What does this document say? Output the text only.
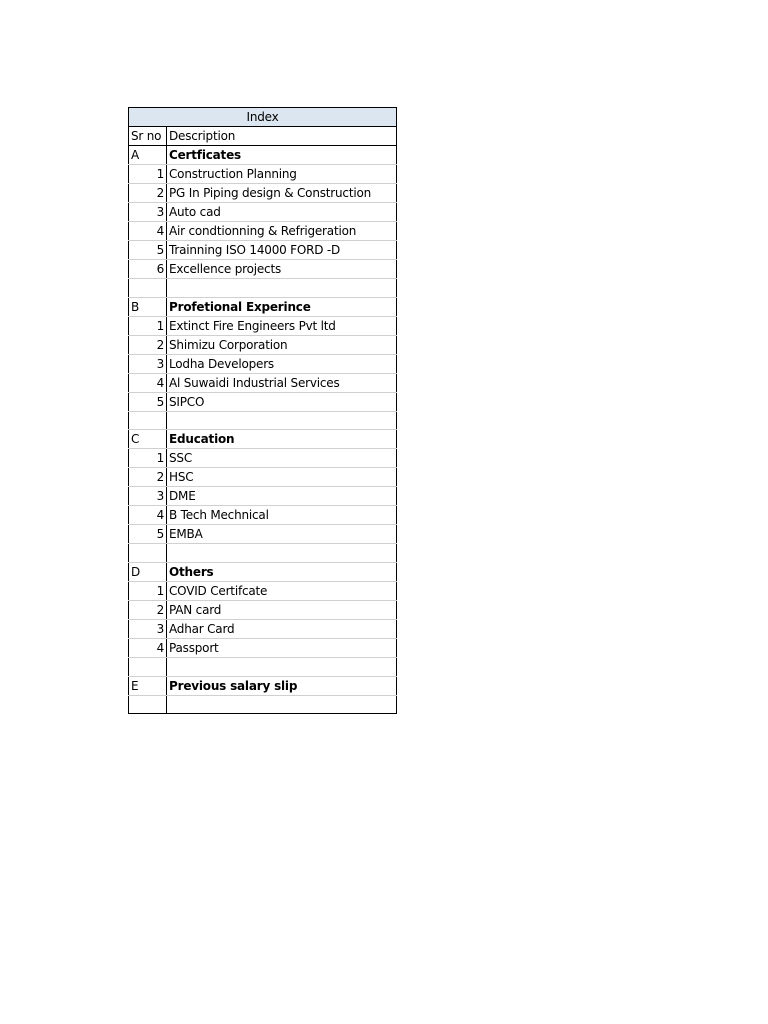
Index	
Sr no	Description
A	Certficates
1	Construction Planning
2	PG In Piping design & Construction
3	Auto cad
4	Air condtionning & Refrigeration
5	Trainning ISO 14000 FORD -D
6	Excellence projects

B	Profetional Experince
1	Extinct Fire Engineers Pvt ltd
2	Shimizu Corporation
3	Lodha Developers
4	Al Suwaidi Industrial Services
5	SIPCO

C	Education
1	SSC
2	HSC
3	DME
4	B Tech Mechnical
5	EMBA

D	Others
1	COVID Certifcate
2	PAN card
3	Adhar Card
4	Passport

E	Previous salary slip
